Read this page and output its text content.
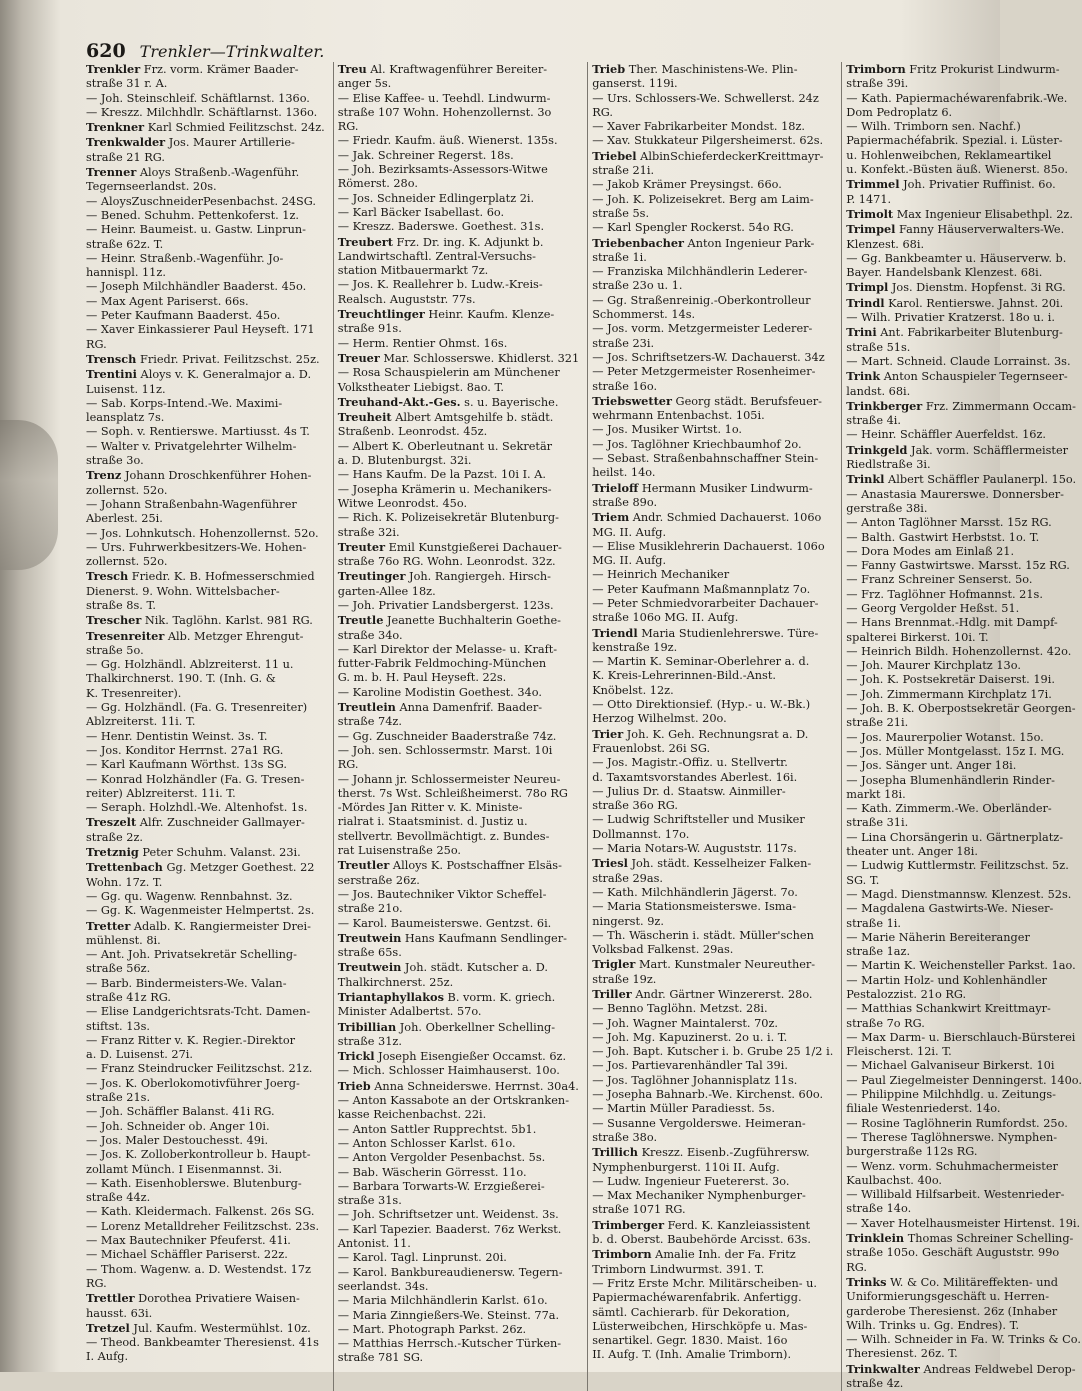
620 Trenkler—Trinkwalter.
Trenkler Frz. vorm. Krämer Baader-
straße 31 r. A.
— Joh. Steinschleif. Schäftlarnst. 136o.
— Kreszz. Milchhdlr. Schäftlarnst. 136o.
Trenkner Karl Schmied Feilitzschst. 24z.
Trenkwalder Jos. Maurer Artillerie-
straße 21 RG.
Trenner Aloys Straßenb.-Wagenführ.
Tegernseerlandst. 20s.
— AloysZuschneiderPesenbachst. 24SG.
— Bened. Schuhm. Pettenkoferst. 1z.
— Heinr. Baumeist. u. Gastw. Linprun-
straße 62z. T.
— Heinr. Straßenb.-Wagenführ. Jo-
hannispl. 11z.
— Joseph Milchhändler Baaderst. 45o.
— Max Agent Pariserst. 66s.
— Peter Kaufmann Baaderst. 45o.
— Xaver Einkassierer Paul Heyseft. 171
RG.
Trensch Friedr. Privat. Feilitzschst. 25z.
Trentini Aloys v. K. Generalmajor a. D.
Luisenst. 11z.
— Sab. Korps-Intend.-We. Maximi-
leansplatz 7s.
— Soph. v. Rentierswe. Martiusst. 4s T.
— Walter v. Privatgelehrter Wilhelm-
straße 3o.
Trenz Johann Droschkenführer Hohen-
zollernst. 52o.
— Johann Straßenbahn-Wagenführer
Aberlest. 25i.
— Jos. Lohnkutsch. Hohenzollernst. 52o.
— Urs. Fuhrwerkbesitzers-We. Hohen-
zollernst. 52o.
Tresch Friedr. K. B. Hofmesserschmied
Dienerst. 9. Wohn. Wittelsbacher-
straße 8s. T.
Trescher Nik. Taglöhn. Karlst. 981 RG.
Tresenreiter Alb. Metzger Ehrengut-
straße 5o.
— Gg. Holzhändl. Ablzreiterst. 11 u.
Thalkirchnerst. 190. T. (Inh. G. &
K. Tresenreiter).
— Gg. Holzhändl. (Fa. G. Tresenreiter)
Ablzreiterst. 11i. T.
— Henr. Dentistin Weinst. 3s. T.
— Jos. Konditor Herrnst. 27a1 RG.
— Karl Kaufmann Wörthst. 13s SG.
— Konrad Holzhändler (Fa. G. Tresen-
reiter) Ablzreiterst. 11i. T.
— Seraph. Holzhdl.-We. Altenhofst. 1s.
Treszelt Alfr. Zuschneider Gallmayer-
straße 2z.
Tretznig Peter Schuhm. Valanst. 23i.
Trettenbach Gg. Metzger Goethest. 22
Wohn. 17z. T.
— Gg. qu. Wagenw. Rennbahnst. 3z.
— Gg. K. Wagenmeister Helmpertst. 2s.
Tretter Adalb. K. Rangiermeister Drei-
mühlenst. 8i.
— Ant. Joh. Privatsekretär Schelling-
straße 56z.
— Barb. Bindermeisters-We. Valan-
straße 41z RG.
— Elise Landgerichtsrats-Tcht. Damen-
stiftst. 13s.
— Franz Ritter v. K. Regier.-Direktor
a. D. Luisenst. 27i.
— Franz Steindrucker Feilitzschst. 21z.
— Jos. K. Oberlokomotivführer Joerg-
straße 21s.
— Joh. Schäffler Balanst. 41i RG.
— Joh. Schneider ob. Anger 10i.
— Jos. Maler Destouchesst. 49i.
— Jos. K. Zolloberkontrolleur b. Haupt-
zollamt Münch. I Eisenmannst. 3i.
— Kath. Eisenhoblerswe. Blutenburg-
straße 44z.
— Kath. Kleidermach. Falkenst. 26s SG.
— Lorenz Metalldreher Feilitzschst. 23s.
— Max Bautechniker Pfeuferst. 41i.
— Michael Schäffler Pariserst. 22z.
— Thom. Wagenw. a. D. Westendst. 17z
RG.
Trettler Dorothea Privatiere Waisen-
hausst. 63i.
Tretzel Jul. Kaufm. Westermühlst. 10z.
— Theod. Bankbeamter Theresienst. 41s
I. Aufg.
Treu Al. Kraftwagenführer Bereiter-
anger 5s.
— Elise Kaffee- u. Teehdl. Lindwurm-
straße 107 Wohn. Hohenzollernst. 3o
RG.
— Friedr. Kaufm. äuß. Wienerst. 135s.
— Jak. Schreiner Regerst. 18s.
— Joh. Bezirksamts-Assessors-Witwe
Römerst. 28o.
— Jos. Schneider Edlingerplatz 2i.
— Karl Bäcker Isabellast. 6o.
— Kreszz. Baderswe. Goethest. 31s.
Treubert Frz. Dr. ing. K. Adjunkt b.
Landwirtschaftl. Zentral-Versuchs-
station Mitbauermarkt 7z.
— Jos. K. Reallehrer b. Ludw.-Kreis-
Realsch. Auguststr. 77s.
Treuchtlinger Heinr. Kaufm. Klenze-
straße 91s.
— Herm. Rentier Ohmst. 16s.
Treuer Mar. Schlosserswe. Khidlerst. 321
— Rosa Schauspielerin am Münchener
Volkstheater Liebigst. 8ao. T.
Treuhand-Akt.-Ges. s. u. Bayerische.
Treuheit Albert Amtsgehilfe b. städt.
Straßenb. Leonrodst. 45z.
— Albert K. Oberleutnant u. Sekretär
a. D. Blutenburgst. 32i.
— Hans Kaufm. De la Pazst. 10i I. A.
— Josepha Krämerin u. Mechanikers-
Witwe Leonrodst. 45o.
— Rich. K. Polizeisekretär Blutenburg-
straße 32i.
Treuter Emil Kunstgießerei Dachauer-
straße 76o RG. Wohn. Leonrodst. 32z.
Treutinger Joh. Rangiergeh. Hirsch-
garten-Allee 18z.
— Joh. Privatier Landsbergerst. 123s.
Treutle Jeanette Buchhalterin Goethe-
straße 34o.
— Karl Direktor der Melasse- u. Kraft-
futter-Fabrik Feldmoching-München
G. m. b. H. Paul Heyseft. 22s.
— Karoline Modistin Goethest. 34o.
Treutlein Anna Damenfrif. Baader-
straße 74z.
— Gg. Zuschneider Baaderstraße 74z.
— Joh. sen. Schlossermstr. Marst. 10i
RG.
— Johann jr. Schlossermeister Neureu-
therst. 7s Wst. Schleißheimerst. 78o RG
-Mördes Jan Ritter v. K. Ministe-
rialrat i. Staatsminist. d. Justiz u.
stellvertr. Bevollmächtigt. z. Bundes-
rat Luisenstraße 25o.
Treutler Alloys K. Postschaffner Elsäs-
serstraße 26z.
— Jos. Bautechniker Viktor Scheffel-
straße 21o.
— Karol. Baumeisterswe. Gentzst. 6i.
Treutwein Hans Kaufmann Sendlinger-
straße 65s.
Treutwein Joh. städt. Kutscher a. D.
Thalkirchnerst. 25z.
Triantaphyllakos B. vorm. K. griech.
Minister Adalbertst. 57o.
Tribillian Joh. Oberkellner Schelling-
straße 31z.
Trickl Joseph Eisengießer Occamst. 6z.
— Mich. Schlosser Haimhauserst. 10o.
Trieb Anna Schneiderswe. Herrnst. 30a4.
— Anton Kassabote an der Ortskranken-
kasse Reichenbachst. 22i.
— Anton Sattler Rupprechtst. 5b1.
— Anton Schlosser Karlst. 61o.
— Anton Vergolder Pesenbachst. 5s.
— Bab. Wäscherin Görresst. 11o.
— Barbara Torwarts-W. Erzgießerei-
straße 31s.
— Joh. Schriftsetzer unt. Weidenst. 3s.
— Karl Tapezier. Baaderst. 76z Werkst.
Antonist. 11.
— Karol. Tagl. Linprunst. 20i.
— Karol. Bankbureaudienersw. Tegern-
seerlandst. 34s.
— Maria Milchhändlerin Karlst. 61o.
— Maria Zinngießers-We. Steinst. 77a.
— Mart. Photograph Parkst. 26z.
— Matthias Herrsch.-Kutscher Türken-
straße 781 SG.
Trieb Ther. Maschinistens-We. Plin-
ganserst. 119i.
— Urs. Schlossers-We. Schwellerst. 24z
RG.
— Xaver Fabrikarbeiter Mondst. 18z.
— Xav. Stukkateur Pilgersheimerst. 62s.
Triebel AlbinSchieferdeckerKreittmayr-
straße 21i.
— Jakob Krämer Preysingst. 66o.
— Joh. K. Polizeisekret. Berg am Laim-
straße 5s.
— Karl Spengler Rockerst. 54o RG.
Triebenbacher Anton Ingenieur Park-
straße 1i.
— Franziska Milchhändlerin Lederer-
straße 23o u. 1.
— Gg. Straßenreinig.-Oberkontrolleur
Schommerst. 14s.
— Jos. vorm. Metzgermeister Lederer-
straße 23i.
— Jos. Schriftsetzers-W. Dachauerst. 34z
— Peter Metzgermeister Rosenheimer-
straße 16o.
Triebswetter Georg städt. Berufsfeuer-
wehrmann Entenbachst. 105i.
— Jos. Musiker Wirtst. 1o.
— Jos. Taglöhner Kriechbaumhof 2o.
— Sebast. Straßenbahnschaffner Stein-
heilst. 14o.
Trieloff Hermann Musiker Lindwurm-
straße 89o.
Triem Andr. Schmied Dachauerst. 106o
MG. II. Aufg.
— Elise Musiklehrerin Dachauerst. 106o
MG. II. Aufg.
— Heinrich Mechaniker
— Peter Kaufmann Maßmannplatz 7o.
— Peter Schmiedvorarbeiter Dachauer-
straße 106o MG. II. Aufg.
Triendl Maria Studienlehrerswe. Türe-
kenstraße 19z.
— Martin K. Seminar-Oberlehrer a. d.
K. Kreis-Lehrerinnen-Bild.-Anst.
Knöbelst. 12z.
— Otto Direktionsief. (Hyp.- u. W.-Bk.)
Herzog Wilhelmst. 20o.
Trier Joh. K. Geh. Rechnungsrat a. D.
Frauenlobst. 26i SG.
— Jos. Magistr.-Offiz. u. Stellvertr.
d. Taxamtsvorstandes Aberlest. 16i.
— Julius Dr. d. Staatsw. Ainmiller-
straße 36o RG.
— Ludwig Schriftsteller und Musiker
Dollmannst. 17o.
— Maria Notars-W. Auguststr. 117s.
Triesl Joh. städt. Kesselheizer Falken-
straße 29as.
— Kath. Milchhändlerin Jägerst. 7o.
— Maria Stationsmeisterswe. Isma-
ningerst. 9z.
— Th. Wäscherin i. städt. Müller'schen
Volksbad Falkenst. 29as.
Trigler Mart. Kunstmaler Neureuther-
straße 19z.
Triller Andr. Gärtner Winzererst. 28o.
— Benno Taglöhn. Metzst. 28i.
— Joh. Wagner Maintalerst. 70z.
— Joh. Mg. Kapuzinerst. 2o u. i. T.
— Joh. Bapt. Kutscher i. b. Grube 25 1/2 i.
— Jos. Partievarenhändler Tal 39i.
— Jos. Taglöhner Johannisplatz 11s.
— Josepha Bahnarb.-We. Kirchenst. 60o.
— Martin Müller Paradiesst. 5s.
— Susanne Vergolderswe. Heimeran-
straße 38o.
Trillich Kreszz. Eisenb.-Zugführersw.
Nymphenburgerst. 110i II. Aufg.
— Ludw. Ingenieur Fuetererst. 3o.
— Max Mechaniker Nymphenburger-
straße 1071 RG.
Trimberger Ferd. K. Kanzleiassistent
b. d. Oberst. Baubehörde Arcisst. 63s.
Trimborn Amalie Inh. der Fa. Fritz
Trimborn Lindwurmst. 391. T.
— Fritz Erste Mchr. Militärscheiben- u.
Papiermachéwarenfabrik. Anfertigg.
sämtl. Cachierarb. für Dekoration,
Lüsterweibchen, Hirschköpfe u. Mas-
senartikel. Gegr. 1830. Maist. 16o
II. Aufg. T. (Inh. Amalie Trimborn).
Trimborn Fritz Prokurist Lindwurm-
straße 39i.
— Kath. Papiermachéwarenfabrik.-We.
Dom Pedroplatz 6.
— Wilh. Trimborn sen. Nachf.)
Papiermachéfabrik. Spezial. i. Lüster-
u. Hohlenweibchen, Reklameartikel
u. Konfekt.-Büsten äuß. Wienerst. 85o.
Trimmel Joh. Privatier Ruffinist. 6o.
P. 1471.
Trimolt Max Ingenieur Elisabethpl. 2z.
Trimpel Fanny Häuserverwalters-We.
Klenzest. 68i.
— Gg. Bankbeamter u. Häuserverw. b.
Bayer. Handelsbank Klenzest. 68i.
Trimpl Jos. Dienstm. Hopfenst. 3i RG.
Trindl Karol. Rentierswe. Jahnst. 20i.
— Wilh. Privatier Kratzerst. 18o u. i.
Trini Ant. Fabrikarbeiter Blutenburg-
straße 51s.
— Mart. Schneid. Claude Lorrainst. 3s.
Trink Anton Schauspieler Tegernseer-
landst. 68i.
Trinkberger Frz. Zimmermann Occam-
straße 4i.
— Heinr. Schäffler Auerfeldst. 16z.
Trinkgeld Jak. vorm. Schäfflermeister
Riedlstraße 3i.
Trinkl Albert Schäffler Paulanerpl. 15o.
— Anastasia Maurerswe. Donnersber-
gerstraße 38i.
— Anton Taglöhner Marsst. 15z RG.
— Balth. Gastwirt Herbstst. 1o. T.
— Dora Modes am Einlaß 21.
— Fanny Gastwirtswe. Marsst. 15z RG.
— Franz Schreiner Senserst. 5o.
— Frz. Taglöhner Hofmannst. 21s.
— Georg Vergolder Heßst. 51.
— Hans Brennmat.-Hdlg. mit Dampf-
spalterei Birkerst. 10i. T.
— Heinrich Bildh. Hohenzollernst. 42o.
— Joh. Maurer Kirchplatz 13o.
— Joh. K. Postsekretär Daiserst. 19i.
— Joh. Zimmermann Kirchplatz 17i.
— Joh. B. K. Oberpostsekretär Georgen-
straße 21i.
— Jos. Maurerpolier Wotanst. 15o.
— Jos. Müller Montgelasst. 15z I. MG.
— Jos. Sänger unt. Anger 18i.
— Josepha Blumenhändlerin Rinder-
markt 18i.
— Kath. Zimmerm.-We. Oberländer-
straße 31i.
— Lina Chorsängerin u. Gärtnerplatz-
theater unt. Anger 18i.
— Ludwig Kuttlermstr. Feilitzschst. 5z.
SG. T.
— Magd. Dienstmannsw. Klenzest. 52s.
— Magdalena Gastwirts-We. Nieser-
straße 1i.
— Marie Näherin Bereiteranger
straße 1az.
— Martin K. Weichensteller Parkst. 1ao.
— Martin Holz- und Kohlenhändler
Pestalozzist. 21o RG.
— Matthias Schankwirt Kreittmayr-
straße 7o RG.
— Max Darm- u. Bierschlauch-Bürsterei
Fleischerst. 12i. T.
— Michael Galvaniseur Birkerst. 10i
— Paul Ziegelmeister Denningerst. 140o.
— Philippine Milchhdlg. u. Zeitungs-
filiale Westenriederst. 14o.
— Rosine Taglöhnerin Rumfordst. 25o.
— Therese Taglöhnerswe. Nymphen-
burgerstraße 112s RG.
— Wenz. vorm. Schuhmachermeister
Kaulbachst. 40o.
— Willibald Hilfsarbeit. Westenrieder-
straße 14o.
— Xaver Hotelhausmeister Hirtenst. 19i.
Trinklein Thomas Schreiner Schelling-
straße 105o. Geschäft Auguststr. 99o
RG.
Trinks W. & Co. Militäreffekten- und
Uniformierungsgeschäft u. Herren-
garderobe Theresienst. 26z (Inhaber
Wilh. Trinks u. Gg. Endres). T.
— Wilh. Schneider in Fa. W. Trinks & Co.
Theresienst. 26z. T.
Trinkwalter Andreas Feldwebel Derop-
straße 4z.
